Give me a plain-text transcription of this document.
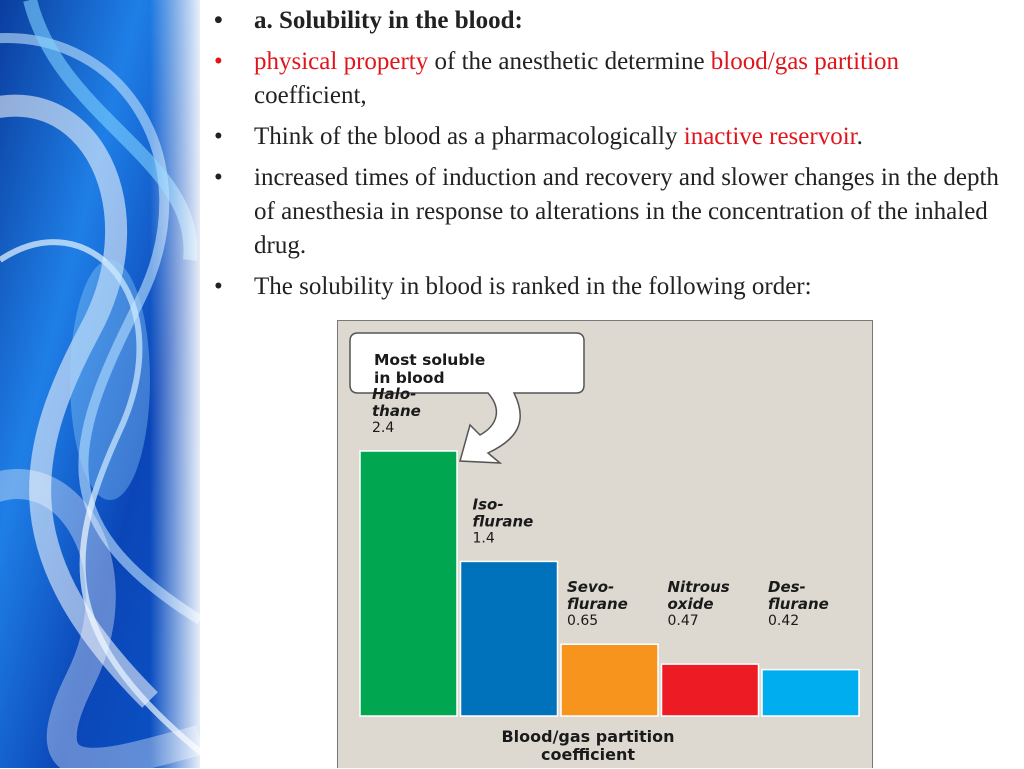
• a. Solubility in the blood:
• physical property of the anesthetic determine blood/gas partition coefficient,
• Think of the blood as a pharmacologically inactive reservoir.
• increased times of induction and recovery and slower changes in the depth of anesthesia in response to alterations in the concentration of the inhaled drug.
• The solubility in blood is ranked in the following order:
Most soluble
in blood
Halo-
thane
2.4
Iso-
flurane
1.4
Sevo-
flurane
0.65
Nitrous
oxide
0.47
Des-
flurane
0.42
Blood/gas partition
coefficient
